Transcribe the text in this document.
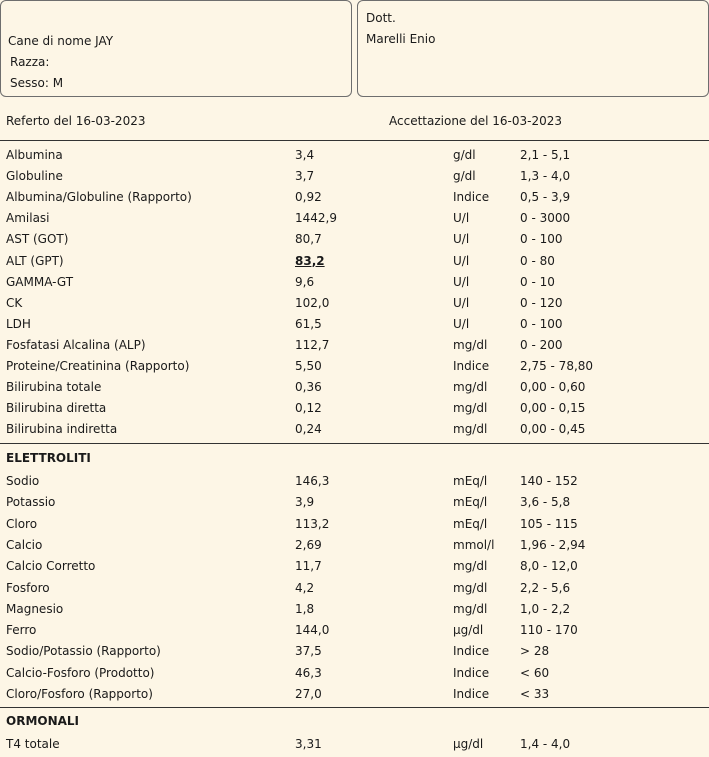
Cane di nome JAY
Razza:
Sesso: M
Dott.
Marelli Enio
Referto del 16-03-2023	Accettazione del 16-03-2023
Albumina	3,4	g/dl	2,1 - 5,1
Globuline	3,7	g/dl	1,3 - 4,0
Albumina/Globuline (Rapporto)	0,92	Indice	0,5 - 3,9
Amilasi	1442,9	U/l	0 - 3000
AST (GOT)	80,7	U/l	0 - 100
ALT (GPT)	83,2	U/l	0 - 80
GAMMA-GT	9,6	U/l	0 - 10
CK	102,0	U/l	0 - 120
LDH	61,5	U/l	0 - 100
Fosfatasi Alcalina (ALP)	112,7	mg/dl	0 - 200
Proteine/Creatinina (Rapporto)	5,50	Indice	2,75 - 78,80
Bilirubina totale	0,36	mg/dl	0,00 - 0,60
Bilirubina diretta	0,12	mg/dl	0,00 - 0,15
Bilirubina indiretta	0,24	mg/dl	0,00 - 0,45
ELETTROLITI
Sodio	146,3	mEq/l	140 - 152
Potassio	3,9	mEq/l	3,6 - 5,8
Cloro	113,2	mEq/l	105 - 115
Calcio	2,69	mmol/l 1,96 - 2,94
Calcio Corretto	11,7	mg/dl	8,0 - 12,0
Fosforo	4,2	mg/dl	2,2 - 5,6
Magnesio	1,8	mg/dl	1,0 - 2,2
Ferro	144,0	µg/dl	110 - 170
Sodio/Potassio (Rapporto)	37,5	Indice	> 28
Calcio-Fosforo (Prodotto)	46,3	Indice	< 60
Cloro/Fosforo (Rapporto)	27,0	Indice	< 33
ORMONALI
T4 totale	3,31	µg/dl	1,4 - 4,0
